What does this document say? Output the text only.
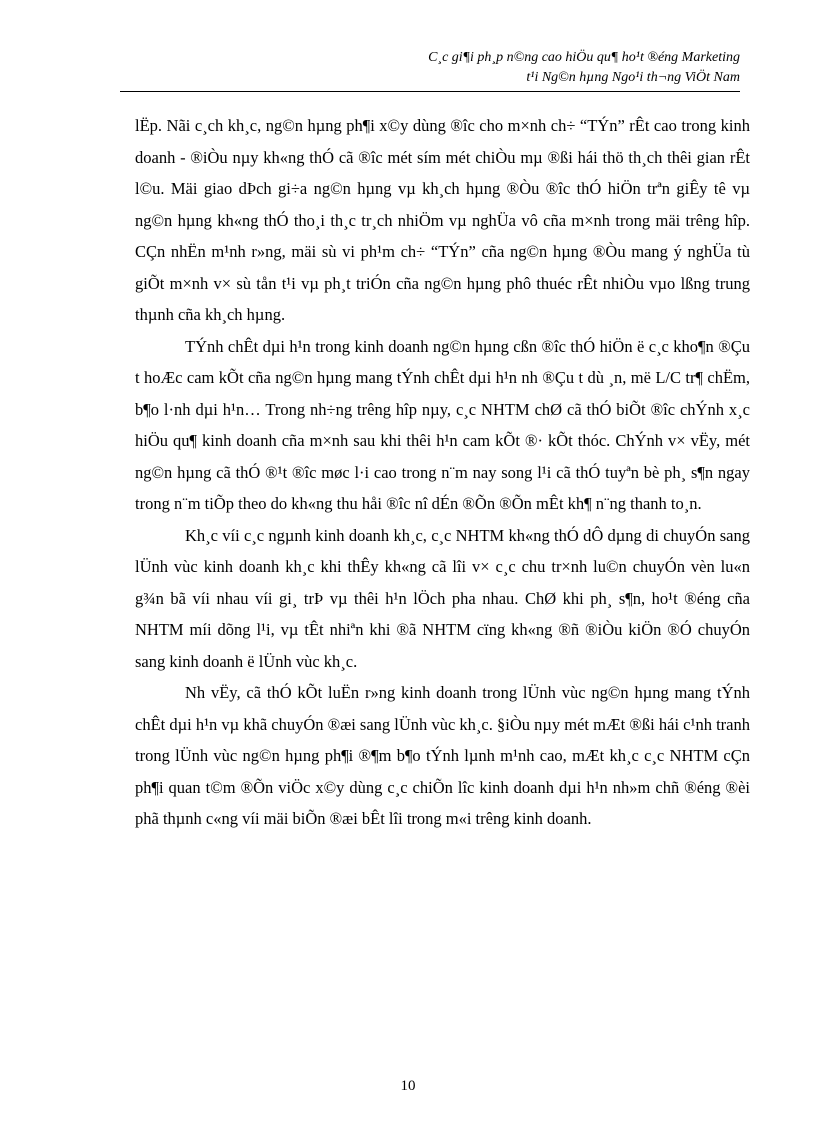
C¸c gi¶i ph¸p n©ng cao hiÖu qu¶ ho¹t ®éng Marketing
t¹i Ng©n hµng Ngo¹i th¬ng ViÖt Nam

lËp. Nãi c¸ch kh¸c, ng©n hµng ph¶i x©y dùng ®îc cho m×nh ch÷ “TÝn” rÊt cao trong kinh doanh - ®iÒu nµy kh«ng thÓ cã ®îc mét sím mét chiÒu mµ ®ßi hái thö th¸ch thêi gian rÊt l©u. Mäi giao dÞch gi÷a ng©n hµng vµ kh¸ch hµng ®Òu ®îc thÓ hiÖn trªn giÊy tê vµ ng©n hµng kh«ng thÓ tho¸i th¸c tr¸ch nhiÖm vµ nghÜa vô cña m×nh trong mäi trêng hîp. CÇn nhËn m¹nh r»ng, mäi sù vi ph¹m ch÷ “TÝn” cña ng©n hµng ®Òu mang ý nghÜa tù giÕt m×nh v× sù tån t¹i vµ ph¸t triÓn cña ng©n hµng phô thuéc rÊt nhiÒu vµo lßng trung thµnh cña kh¸ch hµng.

TÝnh chÊt dµi h¹n trong kinh doanh ng©n hµng cßn ®îc thÓ hiÖn ë c¸c kho¶n ®Çu t hoÆc cam kÕt cña ng©n hµng mang tÝnh chÊt dµi h¹n nh ®Çu t dù ¸n, më L/C tr¶ chËm, b¶o l·nh dµi h¹n… Trong nh÷ng trêng hîp nµy, c¸c NHTM chØ cã thÓ biÕt ®îc chÝnh x¸c hiÖu qu¶ kinh doanh cña m×nh sau khi thêi h¹n cam kÕt ®· kÕt thóc. ChÝnh v× vËy, mét ng©n hµng cã thÓ ®¹t ®îc møc l·i cao trong n¨m nay song l¹i cã thÓ tuyªn bè ph¸ s¶n ngay trong n¨m tiÕp theo do kh«ng thu håi ®îc nî dÉn ®Õn ®Õn mÊt kh¶ n¨ng thanh to¸n.

Kh¸c víi c¸c ngµnh kinh doanh kh¸c, c¸c NHTM kh«ng thÓ dÔ dµng di chuyÓn sang lÜnh vùc kinh doanh kh¸c khi thÊy kh«ng cã lîi v× c¸c chu tr×nh lu©n chuyÓn vèn lu«n g¾n bã víi nhau víi gi¸ trÞ vµ thêi h¹n lÖch pha nhau. ChØ khi ph¸ s¶n, ho¹t ®éng cña NHTM míi dõng l¹i, vµ tÊt nhiªn khi ®ã NHTM cïng kh«ng ®ñ ®iÒu kiÖn ®Ó chuyÓn sang kinh doanh ë lÜnh vùc kh¸c.

Nh vËy, cã thÓ kÕt luËn r»ng kinh doanh trong lÜnh vùc ng©n hµng mang tÝnh chÊt dµi h¹n vµ khã chuyÓn ®æi sang lÜnh vùc kh¸c. §iÒu nµy mét mÆt ®ßi hái c¹nh tranh trong lÜnh vùc ng©n hµng ph¶i ®¶m b¶o tÝnh lµnh m¹nh cao, mÆt kh¸c c¸c NHTM cÇn ph¶i quan t©m ®Õn viÖc x©y dùng c¸c chiÕn lîc kinh doanh dµi h¹n nh»m chñ ®éng ®èi phã thµnh c«ng víi mäi biÕn ®æi bÊt lîi trong m«i trêng kinh doanh.

10
